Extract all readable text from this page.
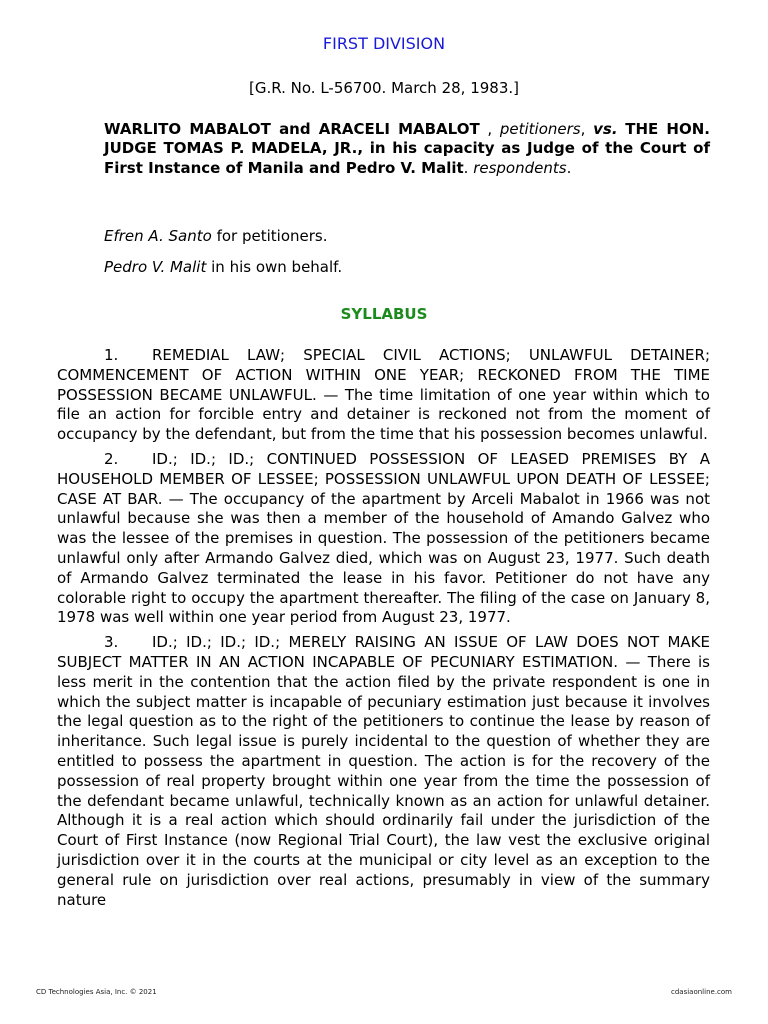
FIRST DIVISION
[G.R. No. L-56700. March 28, 1983.]
WARLITO MABALOT and ARACELI MABALOT , petitioners, vs. THE HON. JUDGE TOMAS P. MADELA, JR., in his capacity as Judge of the Court of First Instance of Manila and Pedro V. Malit. respondents.
Efren A. Santo for petitioners.
Pedro V. Malit in his own behalf.
SYLLABUS

1. REMEDIAL LAW; SPECIAL CIVIL ACTIONS; UNLAWFUL DETAINER; COMMENCEMENT OF ACTION WITHIN ONE YEAR; RECKONED FROM THE TIME POSSESSION BECAME UNLAWFUL. — The time limitation of one year within which to file an action for forcible entry and detainer is reckoned not from the moment of occupancy by the defendant, but from the time that his possession becomes unlawful.

2. ID.; ID.; ID.; CONTINUED POSSESSION OF LEASED PREMISES BY A HOUSEHOLD MEMBER OF LESSEE; POSSESSION UNLAWFUL UPON DEATH OF LESSEE; CASE AT BAR. — The occupancy of the apartment by Arceli Mabalot in 1966 was not unlawful because she was then a member of the household of Amando Galvez who was the lessee of the premises in question. The possession of the petitioners became unlawful only after Armando Galvez died, which was on August 23, 1977. Such death of Armando Galvez terminated the lease in his favor. Petitioner do not have any colorable right to occupy the apartment thereafter. The filing of the case on January 8, 1978 was well within one year period from August 23, 1977.

3. ID.; ID.; ID.; ID.; MERELY RAISING AN ISSUE OF LAW DOES NOT MAKE SUBJECT MATTER IN AN ACTION INCAPABLE OF PECUNIARY ESTIMATION. — There is less merit in the contention that the action filed by the private respondent is one in which the subject matter is incapable of pecuniary estimation just because it involves the legal question as to the right of the petitioners to continue the lease by reason of inheritance. Such legal issue is purely incidental to the question of whether they are entitled to possess the apartment in question. The action is for the recovery of the possession of real property brought within one year from the time the possession of the defendant became unlawful, technically known as an action for unlawful detainer. Although it is a real action which should ordinarily fail under the jurisdiction of the Court of First Instance (now Regional Trial Court), the law vest the exclusive original jurisdiction over it in the courts at the municipal or city level as an exception to the general rule on jurisdiction over real actions, presumably in view of the summary nature

CD Technologies Asia, Inc. © 2021	cdasiaonline.com
